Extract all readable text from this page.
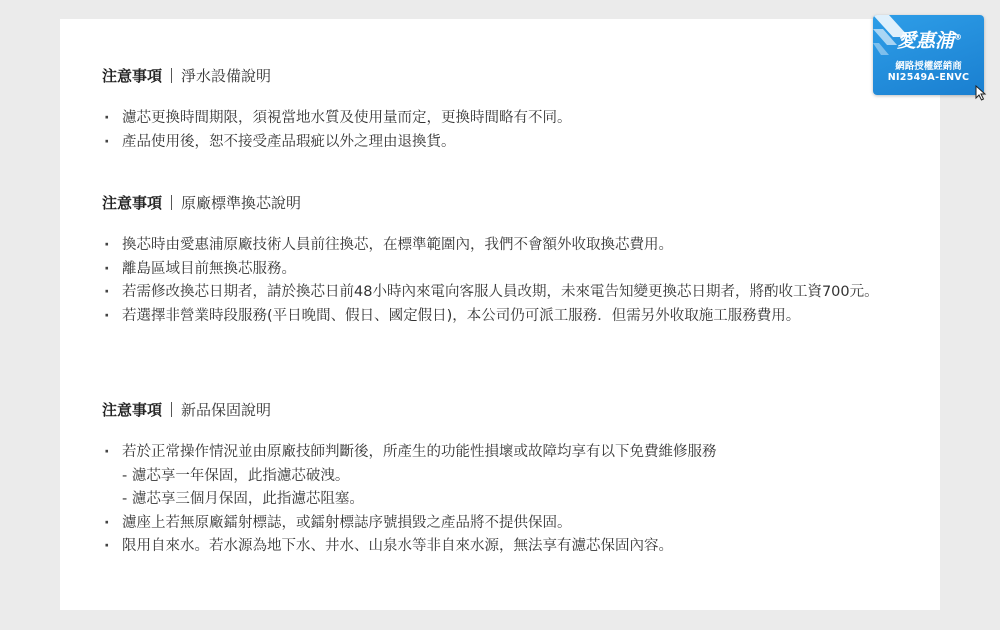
注意事項 淨水設備說明
· 濾芯更換時間期限，須視當地水質及使用量而定，更換時間略有不同。
· 產品使用後，恕不接受產品瑕疵以外之理由退換貨。
注意事項 原廠標準換芯說明
· 換芯時由愛惠浦原廠技術人員前往換芯，在標準範圍內，我們不會額外收取換芯費用。
· 離島區域目前無換芯服務。
· 若需修改換芯日期者，請於換芯日前48小時內來電向客服人員改期，未來電告知變更換芯日期者，將酌收工資700元。
· 若選擇非營業時段服務(平日晚間、假日、國定假日)，本公司仍可派工服務．但需另外收取施工服務費用。
注意事項 新品保固說明
· 若於正常操作情況並由原廠技師判斷後，所產生的功能性損壞或故障均享有以下免費維修服務
- 濾芯享一年保固，此指濾芯破洩。
- 濾芯享三個月保固，此指濾芯阻塞。
· 濾座上若無原廠鐳射標誌，或鐳射標誌序號損毀之產品將不提供保固。
· 限用自來水。若水源為地下水、井水、山泉水等非自來水源，無法享有濾芯保固內容。
愛惠浦®
網路授權經銷商
NI2549A-ENVC
